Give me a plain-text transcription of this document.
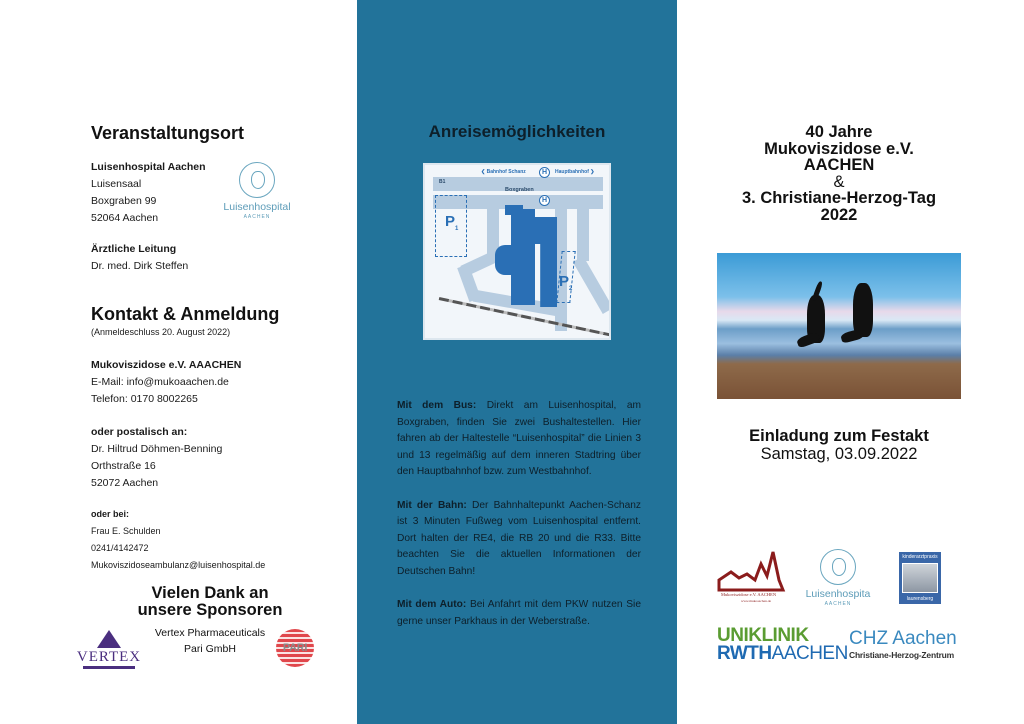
Veranstaltungsort
Luisenhospital Aachen
Luisensaal
Boxgraben 99
52064 Aachen
Luisenhospital
AACHEN
Ärztliche Leitung
Dr. med. Dirk Steffen
Kontakt & Anmeldung
(Anmeldeschluss 20. August 2022)
Mukoviszidose e.V. AAACHEN
E-Mail: info@mukoaachen.de
Telefon: 0170 8002265
oder postalisch an:
Dr. Hiltrud Döhmen-Benning
Orthstraße 16
52072 Aachen
oder bei:
Frau E. Schulden
0241/4142472
Mukoviszidoseambulanz@luisenhospital.de
Vielen Dank an
unsere Sponsoren
Vertex Pharmaceuticals
Pari GmbH
VERTEX
PARI
Anreisemöglichkeiten
$P_1$
$P_2$
B1
❮ Bahnhof Schanz	Hauptbahnhof ❯
H
Boxgraben
H

Mit dem Bus: Direkt am Luisenhospital, am Boxgraben, finden Sie zwei Bushaltestellen. Hier fahren ab der Haltestelle “Luisenhospital” die Linien 3 und 13 regelmäßig auf dem inneren Stadtring über den Hauptbahnhof bzw. zum Westbahnhof.

Mit der Bahn: Der Bahnhaltepunkt Aachen-Schanz ist 3 Minuten Fußweg vom Luisenhospital entfernt. Dort halten der RE4, die RB 20 und die R33. Bitte beachten Sie die aktuellen Informationen der Deutschen Bahn!

Mit dem Auto: Bei Anfahrt mit dem PKW nutzen Sie gerne unser Parkhaus in der Weberstraße.

40 Jahre
Mukoviszidose e.V.
AACHEN
&
3. Christiane-Herzog-Tag
2022
Einladung zum Festakt
Samstag, 03.09.2022
Mukoviszidose e.V. AACHEN
www.mukoaachen.de
Luisenhospita
AACHEN
kinderarztpraxis
laurensberg
UNIKLINIK
RWTHAACHEN
CHZ Aachen
Christiane-Herzog-Zentrum
